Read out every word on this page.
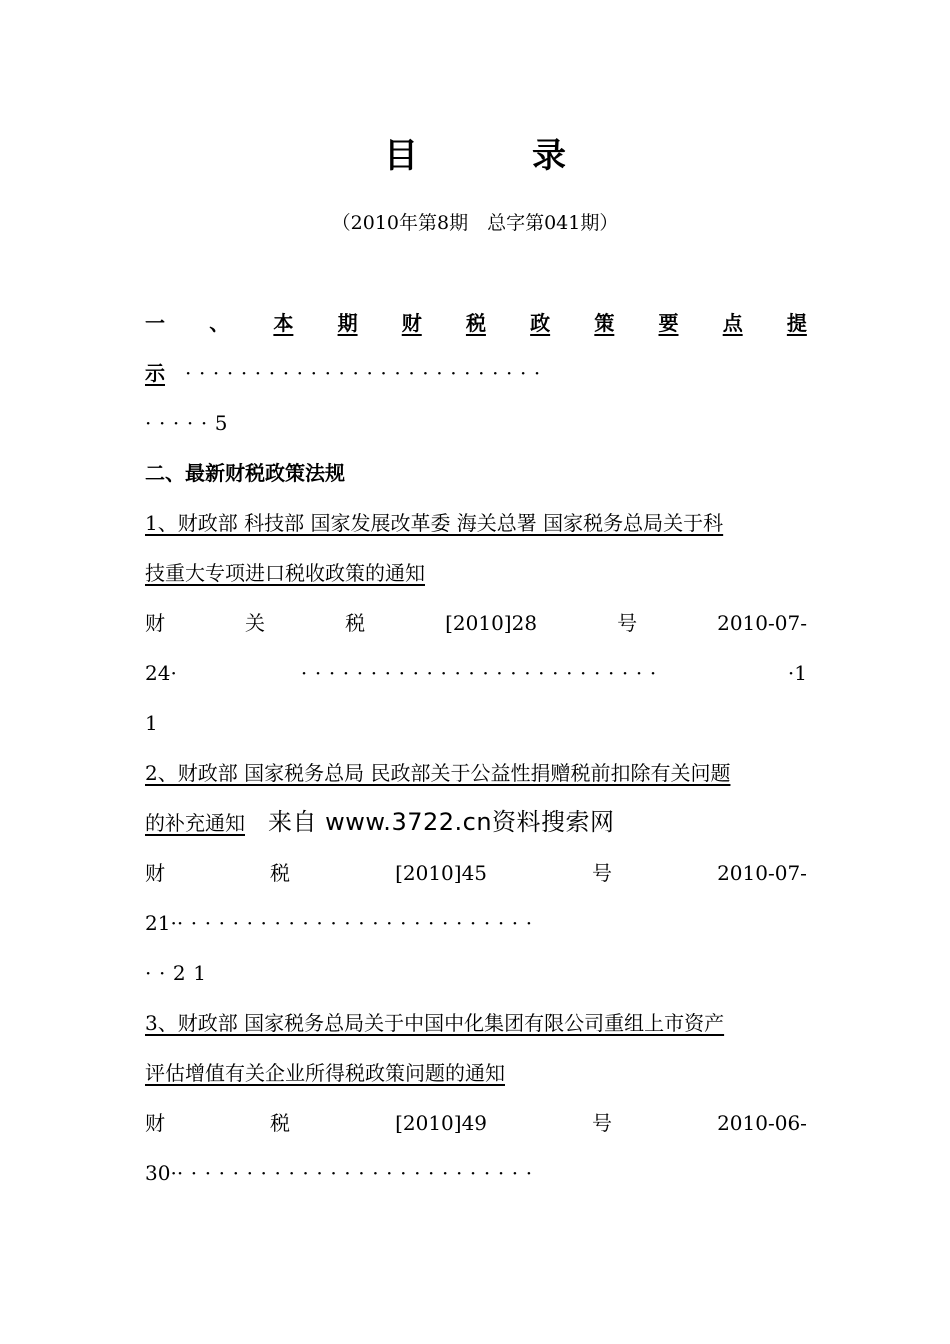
目　录
（2010年第8期　总字第041期）
一 、 本 期 财 税 政 策 要 点 提
示  ··························
·····5
二、最新财税政策法规
1、财政部 科技部 国家发展改革委 海关总署 国家税务总局关于科
技重大专项进口税收政策的通知
财	关	税	[2010]28	号	2010-07-
24·	··························	·1
1
2、财政部 国家税务总局 民政部关于公益性捐赠税前扣除有关问题
的补充通知
财	税	[2010]45	号	2010-07-
21···························
··21
3、财政部 国家税务总局关于中国中化集团有限公司重组上市资产
评估增值有关企业所得税政策问题的通知
财	税	[2010]49	号	2010-06-
30···························
来自 www.3722.cn资料搜索网
